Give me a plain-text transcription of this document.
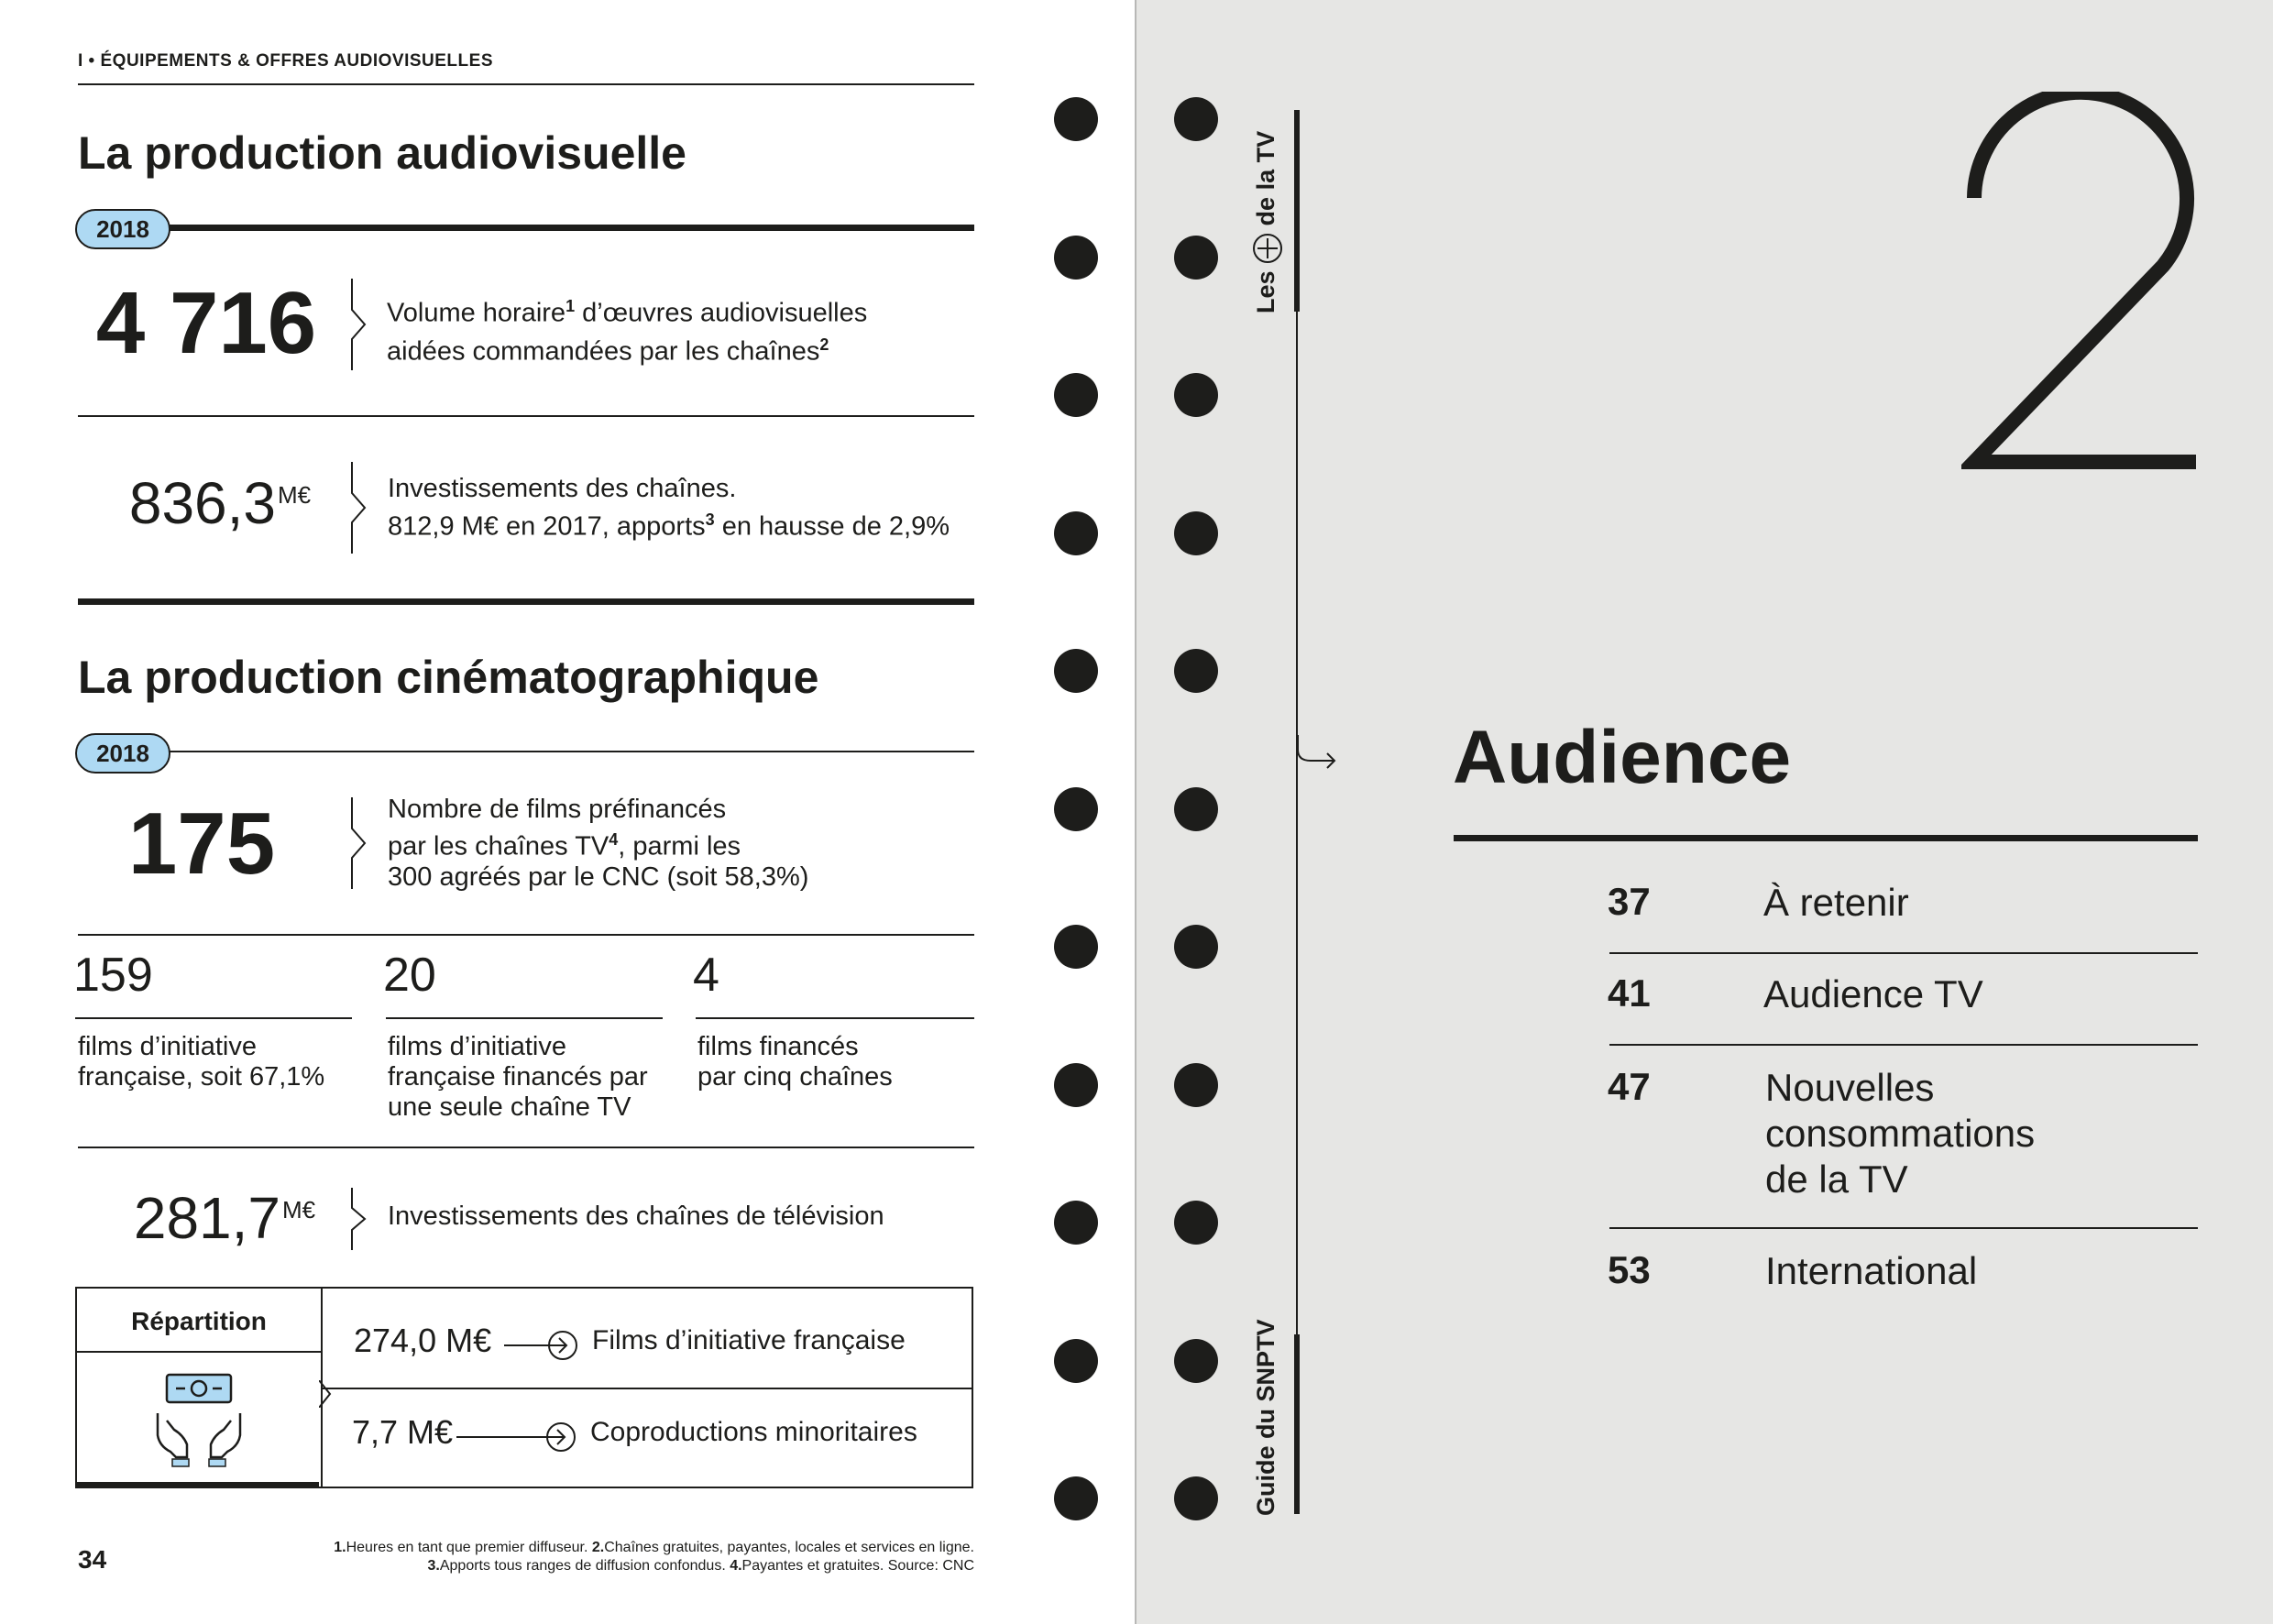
I • ÉQUIPEMENTS & OFFRES AUDIOVISUELLES
La production audiovisuelle
2018
4 716	Volume horaire$^1$ d’œuvres audiovisuelles
aidées commandées par les chaînes$^2$
$836,3^{M€}$	Investissements des chaînes.
812,9 M€ en 2017, apports$^3$ en hausse de 2,9%
La production cinématographique
2018
175	Nombre de films préfinancés
par les chaînes $TV^4$, parmi les
300 agréés par le CNC (soit 58,3%)
159
films d’initiative
française, soit 67,1%
20
films d’initiative
française financés par
une seule chaîne TV
4
films financés
par cinq chaînes
$281,7^{M€}$	Investissements des chaînes de télévision
Répartition
274,0 M€	Films d’initiative française
7,7 M€	Coproductions minoritaires
1.Heures en tant que premier diffuseur. 2.Chaînes gratuites, payantes, locales et services en ligne.
3.Apports tous ranges de diffusion confondus. 4.Payantes et gratuites. Source: CNC
34
Les  de la TV
Guide du SNPTV
2
Audience
37	À retenir
41	Audience TV
47	Nouvelles
consommations
de la TV
53	International
